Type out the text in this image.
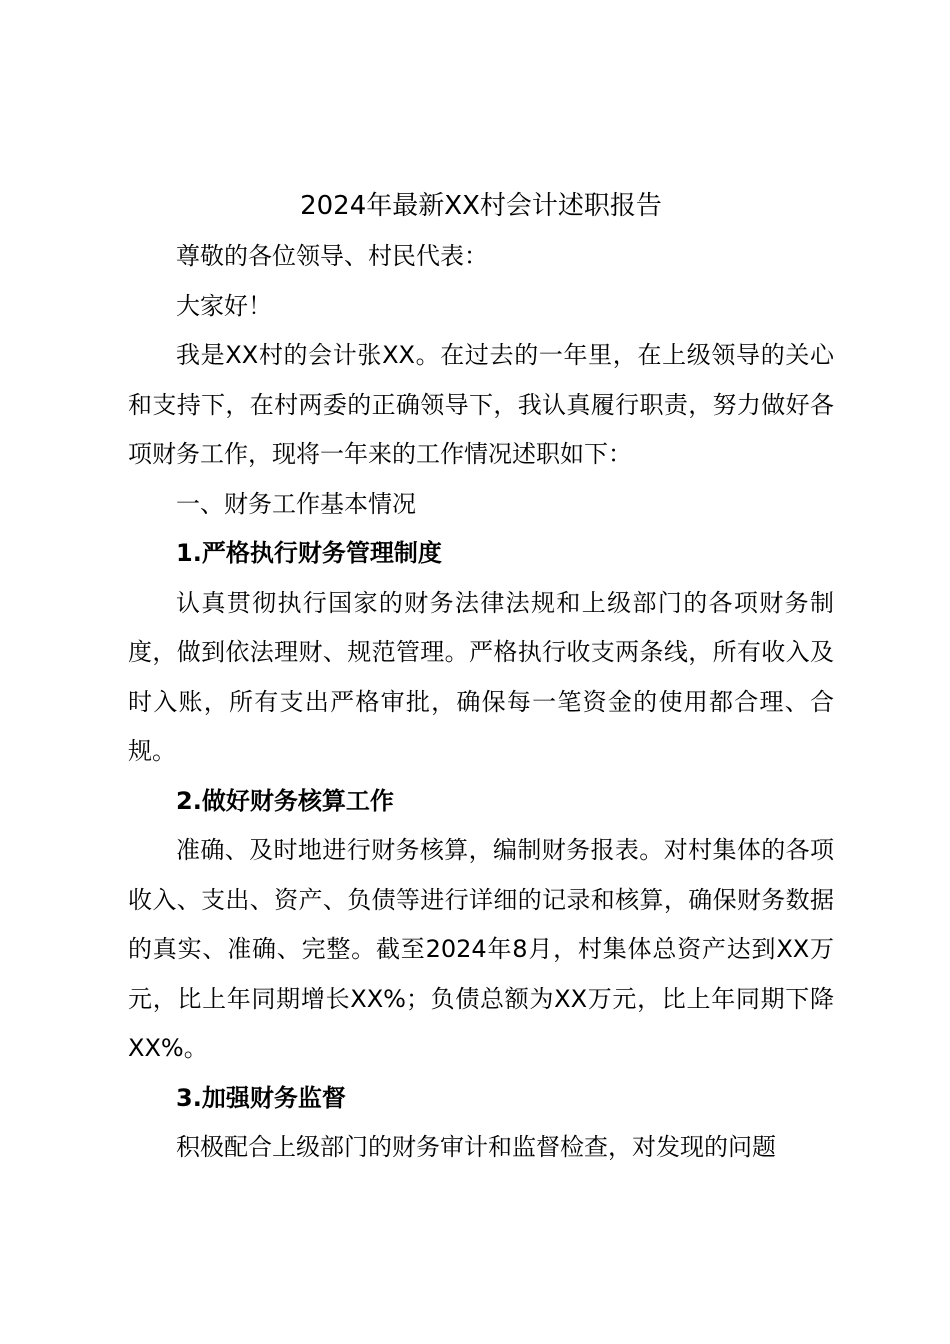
2024年最新XX村会计述职报告

尊敬的各位领导、村民代表：

大家好！

我是XX村的会计张XX。在过去的一年里，在上级领导的关心和支持下，在村两委的正确领导下，我认真履行职责，努力做好各项财务工作，现将一年来的工作情况述职如下：

一、财务工作基本情况

1.严格执行财务管理制度

认真贯彻执行国家的财务法律法规和上级部门的各项财务制度，做到依法理财、规范管理。严格执行收支两条线，所有收入及时入账，所有支出严格审批，确保每一笔资金的使用都合理、合规。

2.做好财务核算工作

准确、及时地进行财务核算，编制财务报表。对村集体的各项收入、支出、资产、负债等进行详细的记录和核算，确保财务数据的真实、准确、完整。截至2024年8月，村集体总资产达到XX万元，比上年同期增长XX%；负债总额为XX万元，比上年同期下降XX%。

3.加强财务监督

积极配合上级部门的财务审计和监督检查，对发现的问题
